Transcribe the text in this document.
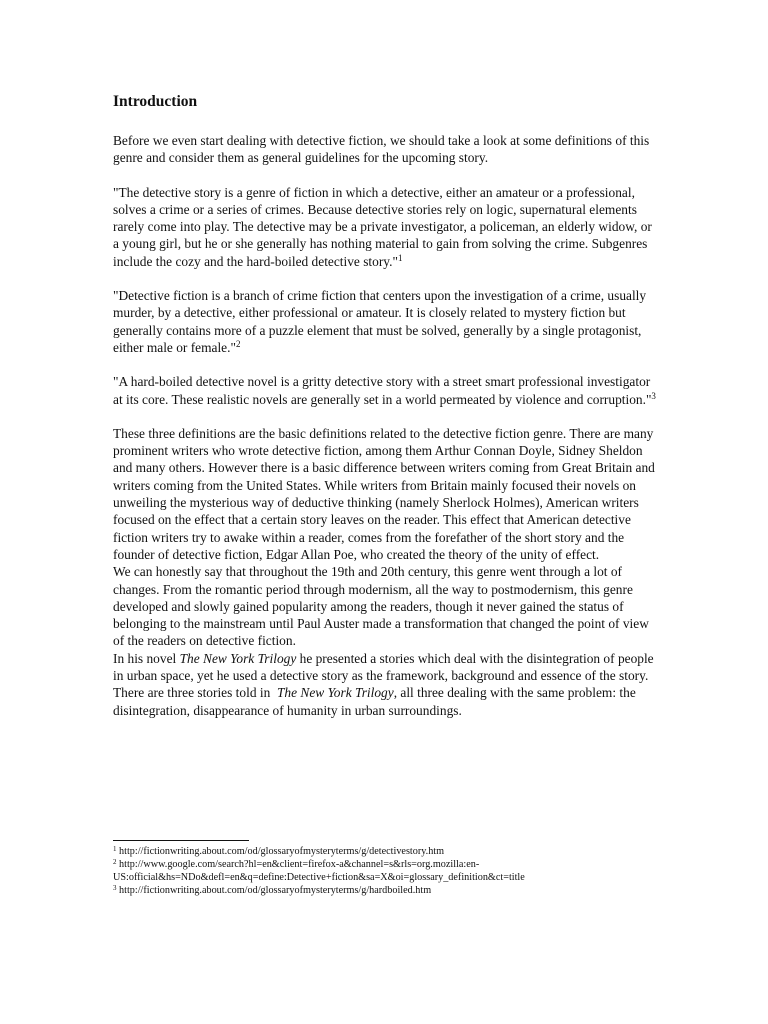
Introduction

Before we even start dealing with detective fiction, we should take a look at some definitions of this genre and consider them as general guidelines for the upcoming story.

"The detective story is a genre of fiction in which a detective, either an amateur or a professional, solves a crime or a series of crimes. Because detective stories rely on logic, supernatural elements rarely come into play. The detective may be a private investigator, a policeman, an elderly widow, or a young girl, but he or she generally has nothing material to gain from solving the crime. Subgenres include the cozy and the hard-boiled detective story."$^1$

"Detective fiction is a branch of crime fiction that centers upon the investigation of a crime, usually murder, by a detective, either professional or amateur. It is closely related to mystery fiction but generally contains more of a puzzle element that must be solved, generally by a single protagonist, either male or female."$^2$

"A hard-boiled detective novel is a gritty detective story with a street smart professional investigator at its core. These realistic novels are generally set in a world permeated by violence and corruption."$^3$

These three definitions are the basic definitions related to the detective fiction genre. There are many prominent writers who wrote detective fiction, among them Arthur Connan Doyle, Sidney Sheldon and many others. However there is a basic difference between writers coming from Great Britain and writers coming from the United States. While writers from Britain mainly focused their novels on unweiling the mysterious way of deductive thinking (namely Sherlock Holmes), American writers focused on the effect that a certain story leaves on the reader. This effect that American detective fiction writers try to awake within a reader, comes from the forefather of the short story and the founder of detective fiction, Edgar Allan Poe, who created the theory of the unity of effect.

We can honestly say that throughout the 19th and 20th century, this genre went through a lot of changes. From the romantic period through modernism, all the way to postmodernism, this genre developed and slowly gained popularity among the readers, though it never gained the status of belonging to the mainstream until Paul Auster made a transformation that changed the point of view of the readers on detective fiction.

In his novel The New York Trilogy he presented a stories which deal with the disintegration of people in urban space, yet he used a detective story as the framework, background and essence of the story.

There are three stories told in  The New York Trilogy, all three dealing with the same problem: the disintegration, disappearance of humanity in urban surroundings.

$^1$ http://fictionwriting.about.com/od/glossaryofmysteryterms/g/detectivestory.htm

$^2$ http://www.google.com/search?hl=en&client=firefox-a&channel=s&rls=org.mozilla:en-US:official&hs=NDo&defl=en&q=define:Detective+fiction&sa=X&oi=glossary_definition&ct=title

$^3$ http://fictionwriting.about.com/od/glossaryofmysteryterms/g/hardboiled.htm
